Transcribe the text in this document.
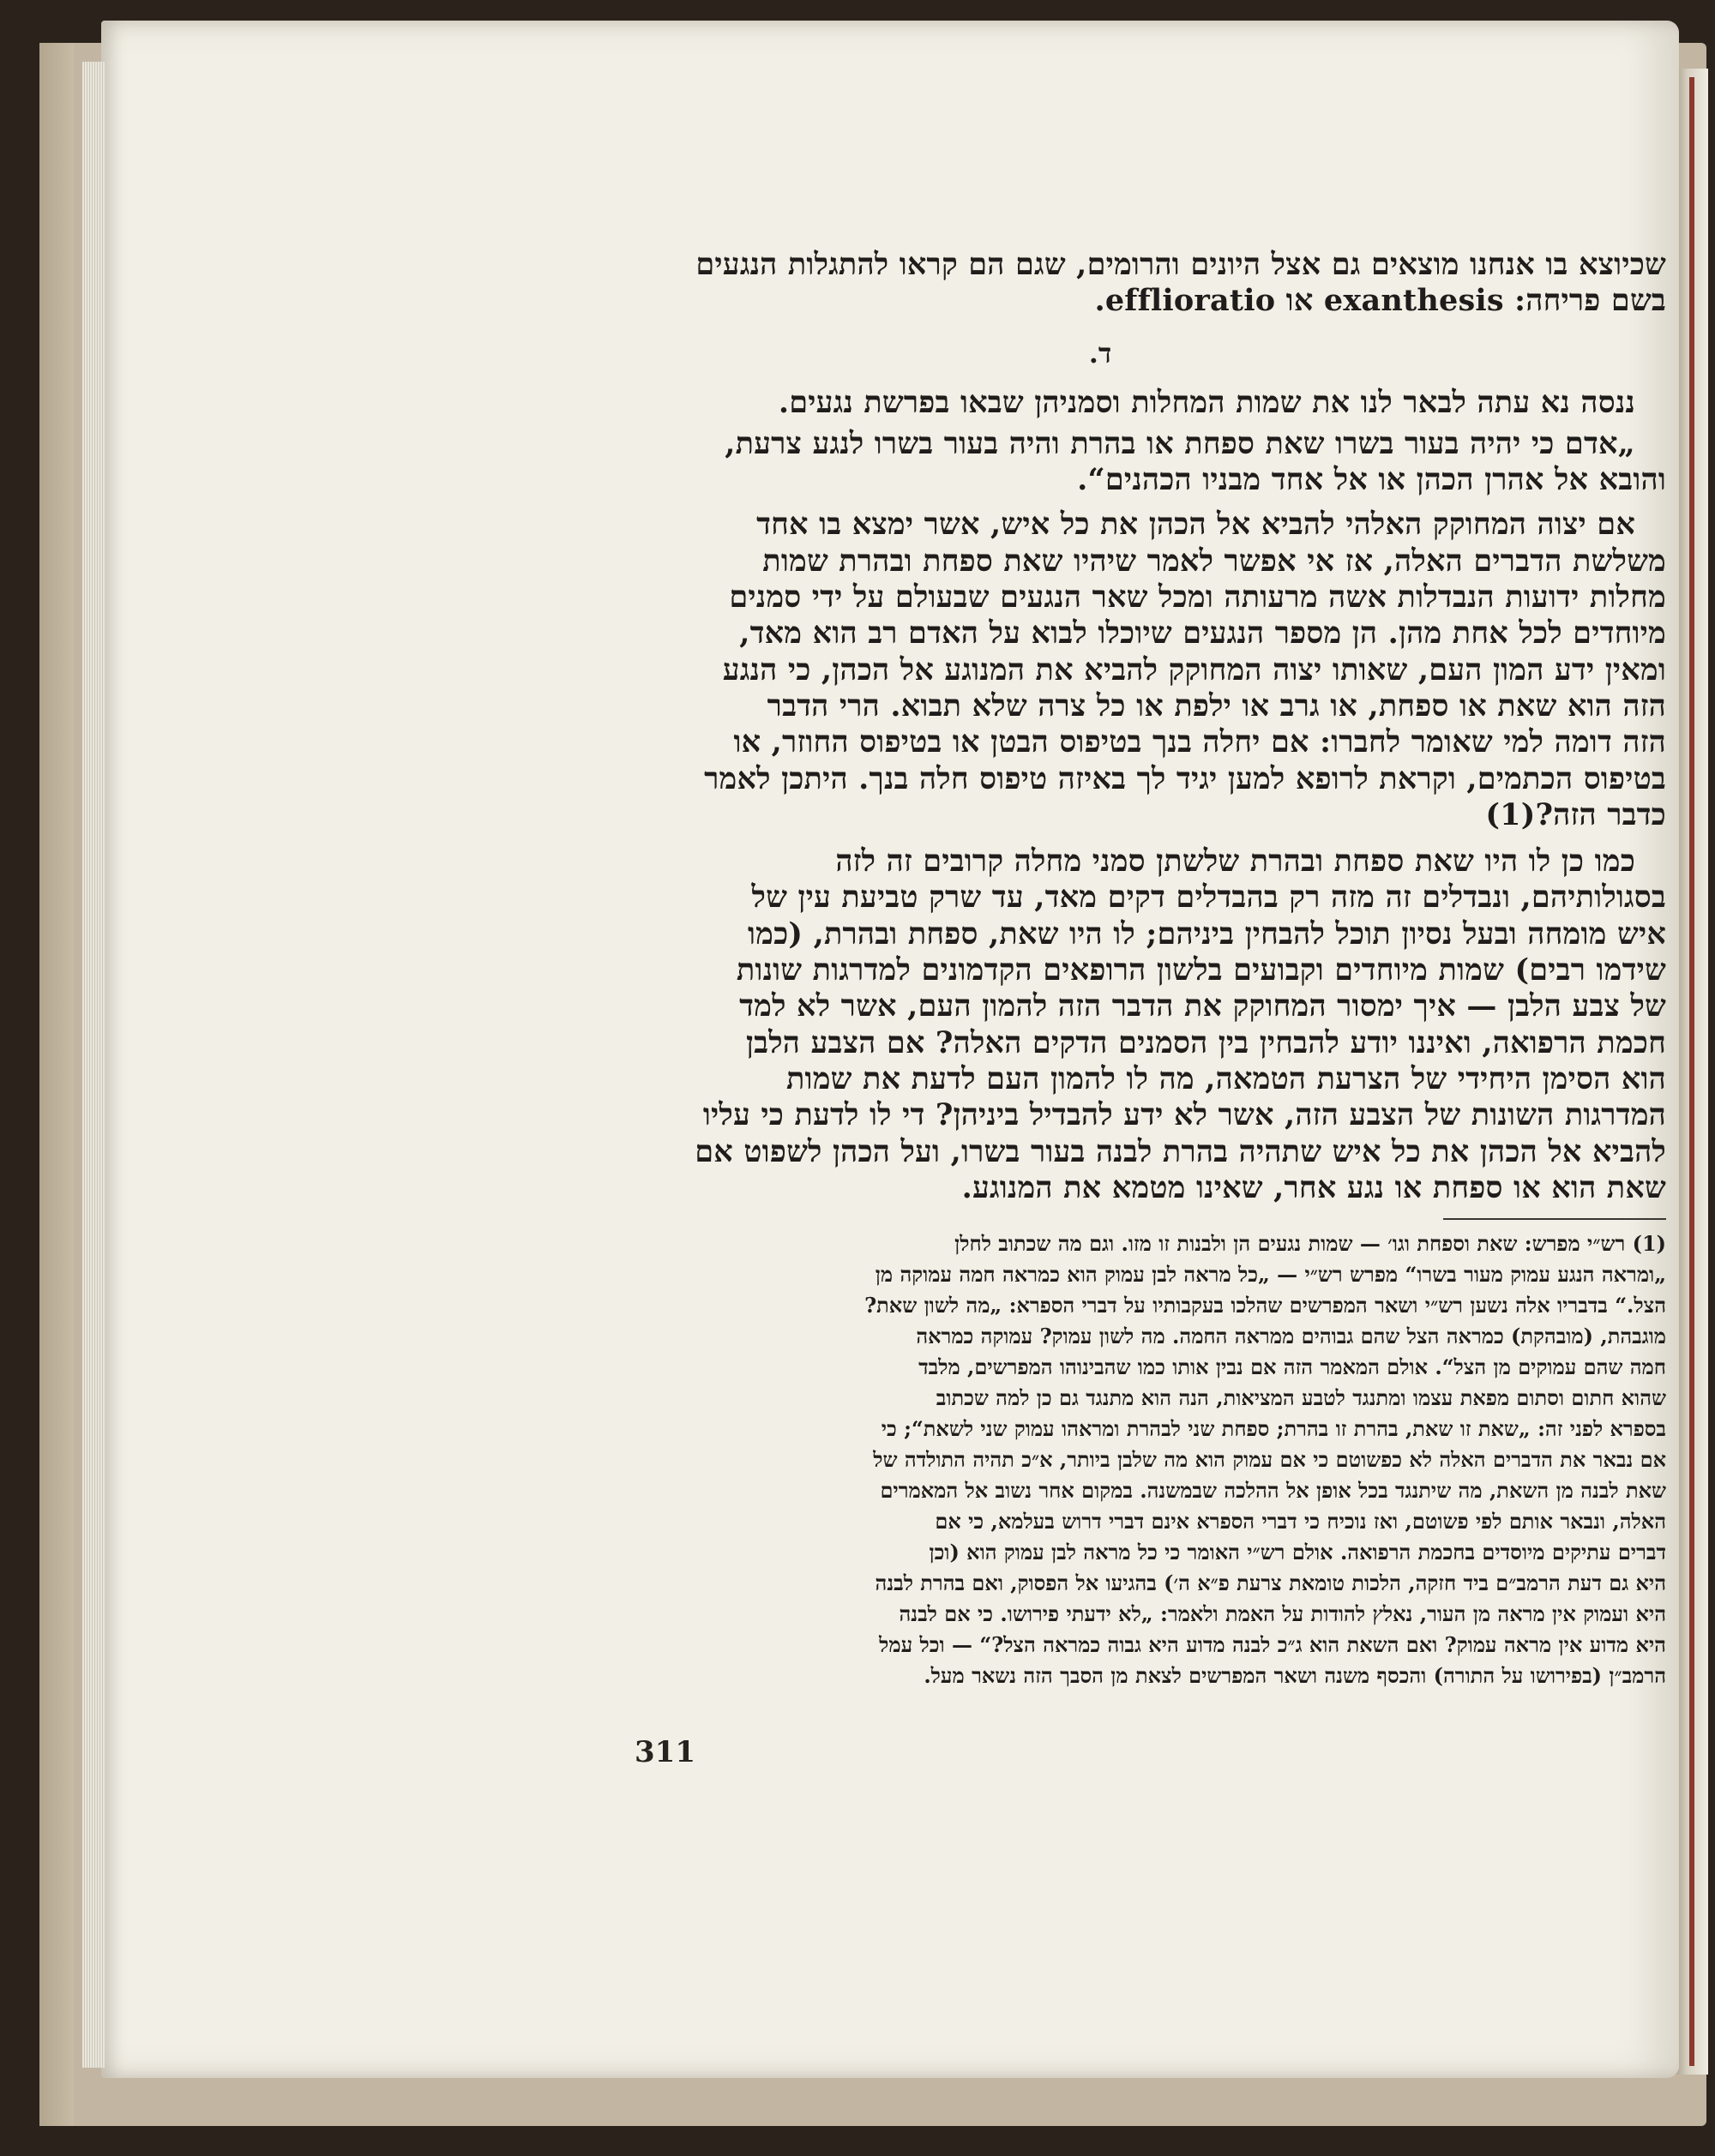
שכיוצא בו אנחנו מוצאים גם אצל היונים והרומים, שגם הם קראו להתגלות הנגעים
בשם פריחה: exanthesis או efflioratio.
ד.
ננסה נא עתה לבאר לנו את שמות המחלות וסמניהן שבאו בפרשת נגעים.
„אדם כי יהיה בעור בשרו שאת ספחת או בהרת והיה בעור בשרו לנגע צרעת,
והובא אל אהרן הכהן או אל אחד מבניו הכהנים“.
אם יצוה המחוקק האלהי להביא אל הכהן את כל איש, אשר ימצא בו אחד
משלשת הדברים האלה, אז אי אפשר לאמר שיהיו שאת ספחת ובהרת שמות
מחלות ידועות הנבדלות אשה מרעותה ומכל שאר הנגעים שבעולם על ידי סמנים
מיוחדים לכל אחת מהן. הן מספר הנגעים שיוכלו לבוא על האדם רב הוא מאד,
ומאין ידע המון העם, שאותו יצוה המחוקק להביא את המנוגע אל הכהן, כי הנגע
הזה הוא שאת או ספחת, או גרב או ילפת או כל צרה שלא תבוא. הרי הדבר
הזה דומה למי שאומר לחברו: אם יחלה בנך בטיפוס הבטן או בטיפוס החוזר, או
בטיפוס הכתמים, וקראת לרופא למען יגיד לך באיזה טיפוס חלה בנך. היתכן לאמר
כדבר הזה?(1)
כמו כן לו היו שאת ספחת ובהרת שלשתן סמני מחלה קרובים זה לזה
בסגולותיהם, ונבדלים זה מזה רק בהבדלים דקים מאד, עד שרק טביעת עין של
איש מומחה ובעל נסיון תוכל להבחין ביניהם; לו היו שאת, ספחת ובהרת, (כמו
שידמו רבים) שמות מיוחדים וקבועים בלשון הרופאים הקדמונים למדרגות שונות
של צבע הלבן — איך ימסור המחוקק את הדבר הזה להמון העם, אשר לא למד
חכמת הרפואה, ואיננו יודע להבחין בין הסמנים הדקים האלה? אם הצבע הלבן
הוא הסימן היחידי של הצרעת הטמאה, מה לו להמון העם לדעת את שמות
המדרגות השונות של הצבע הזה, אשר לא ידע להבדיל ביניהן? די לו לדעת כי עליו
להביא אל הכהן את כל איש שתהיה בהרת לבנה בעור בשרו, ועל הכהן לשפוט אם
שאת הוא או ספחת או נגע אחר, שאינו מטמא את המנוגע.

(1) רש״י מפרש: שאת וספחת וגו׳ — שמות נגעים הן ולבנות זו מזו. וגם מה שכתוב לחלן

„ומראה הנגע עמוק מעור בשרו“ מפרש רש״י — „כל מראה לבן עמוק הוא כמראה חמה עמוקה מן

הצל.“ בדבריו אלה נשען רש״י ושאר המפרשים שהלכו בעקבותיו על דברי הספרא: „מה לשון שאת?

מוגבהת, (מובהקת) כמראה הצל שהם גבוהים ממראה החמה. מה לשון עמוק? עמוקה כמראה

חמה שהם עמוקים מן הצל“. אולם המאמר הזה אם נבין אותו כמו שהבינוהו המפרשים, מלבד

שהוא חתום וסתום מפאת עצמו ומתנגד לטבע המציאות, הנה הוא מתנגד גם כן למה שכתוב

בספרא לפני זה: „שאת זו שאת, בהרת זו בהרת; ספחת שני לבהרת ומראהו עמוק שני לשאת“; כי

אם נבאר את הדברים האלה לא כפשוטם כי אם עמוק הוא מה שלבן ביותר, א״כ תהיה התולדה של

שאת לבנה מן השאת, מה שיתנגד בכל אופן אל ההלכה שבמשנה. במקום אחר נשוב אל המאמרים

האלה, ונבאר אותם לפי פשוטם, ואז נוכיח כי דברי הספרא אינם דברי דרוש בעלמא, כי אם

דברים עתיקים מיוסדים בחכמת הרפואה. אולם רש״י האומר כי כל מראה לבן עמוק הוא (וכן

היא גם דעת הרמב״ם ביד חזקה, הלכות טומאת צרעת פ״א ה׳) בהגיעו אל הפסוק, ואם בהרת לבנה

היא ועמוק אין מראה מן העור, נאלץ להודות על האמת ולאמר: „לא ידעתי פירושו. כי אם לבנה

היא מדוע אין מראה עמוק? ואם השאת הוא ג״כ לבנה מדוע היא גבוה כמראה הצל?“ — וכל עמל

הרמב״ן (בפירושו על התורה) והכסף משנה ושאר המפרשים לצאת מן הסבך הזה נשאר מעל.

311
